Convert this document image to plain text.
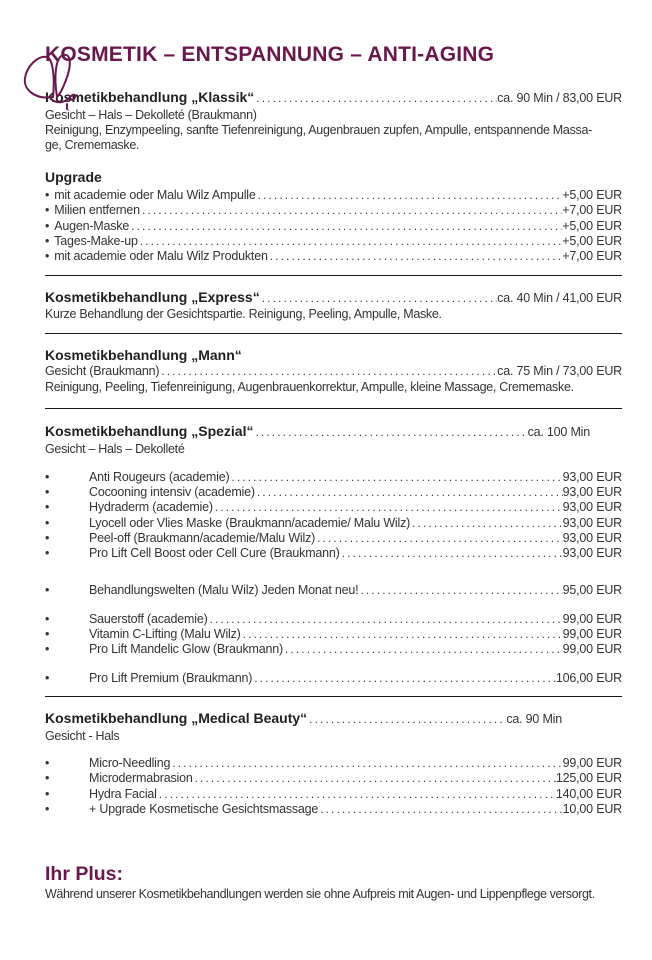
KOSMETIK – ENTSPANNUNG – ANTI-AGING
Kosmetikbehandlung „Klassik“ .....	ca. 90 Min / 83,00 EUR
Gesicht – Hals – Dekolleté (Braukmann)
Reinigung, Enzympeeling, sanfte Tiefenreinigung, Augenbrauen zupfen, Ampulle, entspannende Massa-
ge, Crememaske.
Upgrade
•
mit academie oder Malu Wilz Ampulle .....	+5,00 EUR
•
Milien entfernen .....	+7,00 EUR
•
Augen-Maske .....	+5,00 EUR
•
Tages-Make-up .....	+5,00 EUR
•
mit academie oder Malu Wilz Produkten .....	+7,00 EUR
Kosmetikbehandlung „Express“ .....	ca. 40 Min / 41,00 EUR
Kurze Behandlung der Gesichtspartie. Reinigung, Peeling, Ampulle, Maske.
Kosmetikbehandlung „Mann“
Gesicht (Braukmann) .....	ca. 75 Min / 73,00 EUR
Reinigung, Peeling, Tiefenreinigung, Augenbrauenkorrektur, Ampulle, kleine Massage, Crememaske.
Kosmetikbehandlung „Spezial“ .....	ca. 100 Min
Gesicht – Hals – Dekolleté
•
Anti Rougeurs (academie) .....	93,00 EUR
•
Cocooning intensiv (academie) .....	93,00 EUR
•
Hydraderm (academie) .....	93,00 EUR
•
Lyocell oder Vlies Maske (Braukmann/academie/ Malu Wilz) .....	93,00 EUR
•
Peel-off (Braukmann/academie/Malu Wilz) .....	93,00 EUR
•
Pro Lift Cell Boost oder Cell Cure (Braukmann) .....	93,00 EUR
•
Behandlungswelten (Malu Wilz) Jeden Monat neu! .....	95,00 EUR
•
Sauerstoff (academie) .....	99,00 EUR
•
Vitamin C-Lifting (Malu Wilz) .....	99,00 EUR
•
Pro Lift Mandelic Glow (Braukmann) .....	99,00 EUR
•
Pro Lift Premium (Braukmann) .....	106,00 EUR
Kosmetikbehandlung „Medical Beauty“ .....	ca. 90 Min
Gesicht - Hals
•
Micro-Needling .....	99,00 EUR
•
Microdermabrasion .....	125,00 EUR
•
Hydra Facial .....	140,00 EUR
•
+ Upgrade Kosmetische Gesichtsmassage .....	10,00 EUR
Ihr Plus:

Während unserer Kosmetikbehandlungen werden sie ohne Aufpreis mit Augen- und Lippenpflege versorgt.
